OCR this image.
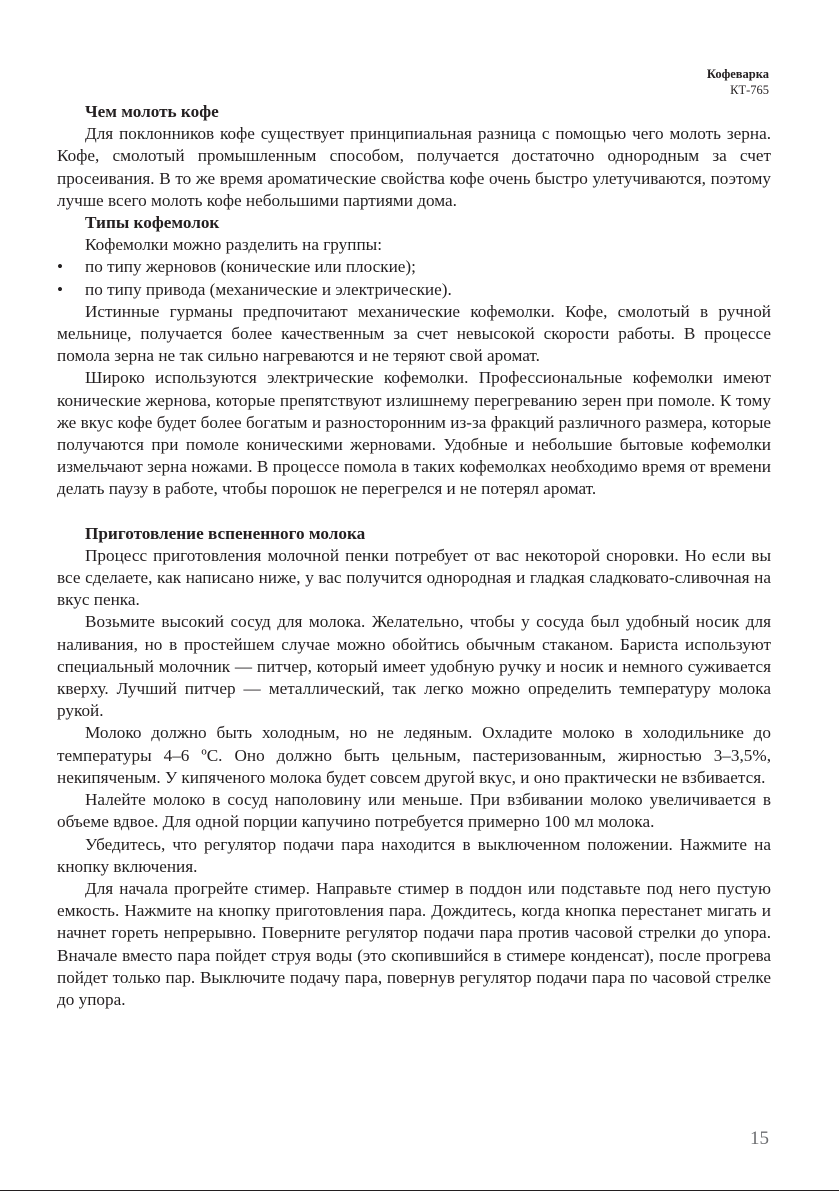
Кофеварка
КТ-765
Чем молоть кофе

Для поклонников кофе существует принципиальная разница с помощью чего молоть зерна. Кофе, смолотый промышленным способом, получается достаточно однородным за счет просеивания. В то же время ароматические свойства кофе очень быстро улетучиваются, поэтому лучше всего молоть кофе небольшими партиями дома.

Типы кофемолок

Кофемолки можно разделить на группы:

• по типу жерновов (конические или плоские);
• по типу привода (механические и электрические).

Истинные гурманы предпочитают механические кофемолки. Кофе, смолотый в ручной мельнице, получается более качественным за счет невысокой скорости работы. В процессе помола зерна не так сильно нагреваются и не теряют свой аромат.

Широко используются электрические кофемолки. Профессиональные кофемолки имеют конические жернова, которые препятствуют излишнему перегреванию зерен при помоле. К тому же вкус кофе будет более богатым и разносторонним из-за фракций различного размера, которые получаются при помоле коническими жерновами. Удобные и небольшие бытовые кофемолки измельчают зерна ножами. В процессе помола в таких кофемолках необходимо время от времени делать паузу в работе, чтобы порошок не перегрелся и не потерял аромат.

Приготовление вспененного молока

Процесс приготовления молочной пенки потребует от вас некоторой сноровки. Но если вы все сделаете, как написано ниже, у вас получится однородная и гладкая сладковато-сливочная на вкус пенка.

Возьмите высокий сосуд для молока. Желательно, чтобы у сосуда был удобный носик для наливания, но в простейшем случае можно обойтись обычным стаканом. Бариста используют специальный молочник — питчер, который имеет удобную ручку и носик и немного суживается кверху. Лучший питчер — металлический, так легко можно определить температуру молока рукой.

Молоко должно быть холодным, но не ледяным. Охладите молоко в холодильнике до температуры 4–6 ºС. Оно должно быть цельным, пастеризованным, жирностью 3–3,5%, некипяченым. У кипяченого молока будет совсем другой вкус, и оно практически не взбивается.

Налейте молоко в сосуд наполовину или меньше. При взбивании молоко увеличивается в объеме вдвое. Для одной порции капучино потребуется примерно 100 мл молока.

Убедитесь, что регулятор подачи пара находится в выключенном положении. Нажмите на кнопку включения.

Для начала прогрейте стимер. Направьте стимер в поддон или подставьте под него пустую емкость. Нажмите на кнопку приготовления пара. Дождитесь, когда кнопка перестанет мигать и начнет гореть непрерывно. Поверните регулятор подачи пара против часовой стрелки до упора. Вначале вместо пара пойдет струя воды (это скопившийся в стимере конденсат), после прогрева пойдет только пар. Выключите подачу пара, повернув регулятор подачи пара по часовой стрелке до упора.

15
